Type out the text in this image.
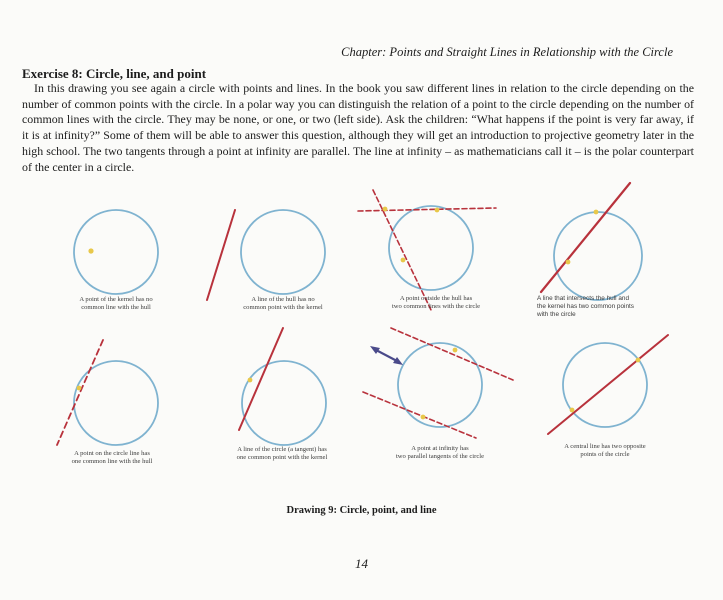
Chapter: Points and Straight Lines in Relationship with the Circle
Exercise 8: Circle, line, and point

In this drawing you see again a circle with points and lines. In the book you saw different lines in relation to the circle depending on the number of common points with the circle. In a polar way you can distinguish the relation of a point to the circle depending on the number of common lines with the circle. They may be none, or one, or two (left side). Ask the children: “What happens if the point is very far away, if it is at infinity?” Some of them will be able to answer this question, although they will get an introduction to projective geometry later in the high school. The two tangents through a point at infinity are parallel. The line at infinity – as mathematicians call it – is the polar counterpart of the center in a circle.

A point of the kernel has no common line with the hull
A line of the hull has no common point with the kernel
A point outside the hull has two common lines with the circle
A line that intersects the hull and the kernel has two common points with the circle
A point on the circle line has one common line with the hull
A line of the circle (a tangent) has one common point with the kernel
A point at infinity has two parallel tangents of the circle
A central line has two opposite points of the circle
Drawing 9: Circle, point, and line
14
